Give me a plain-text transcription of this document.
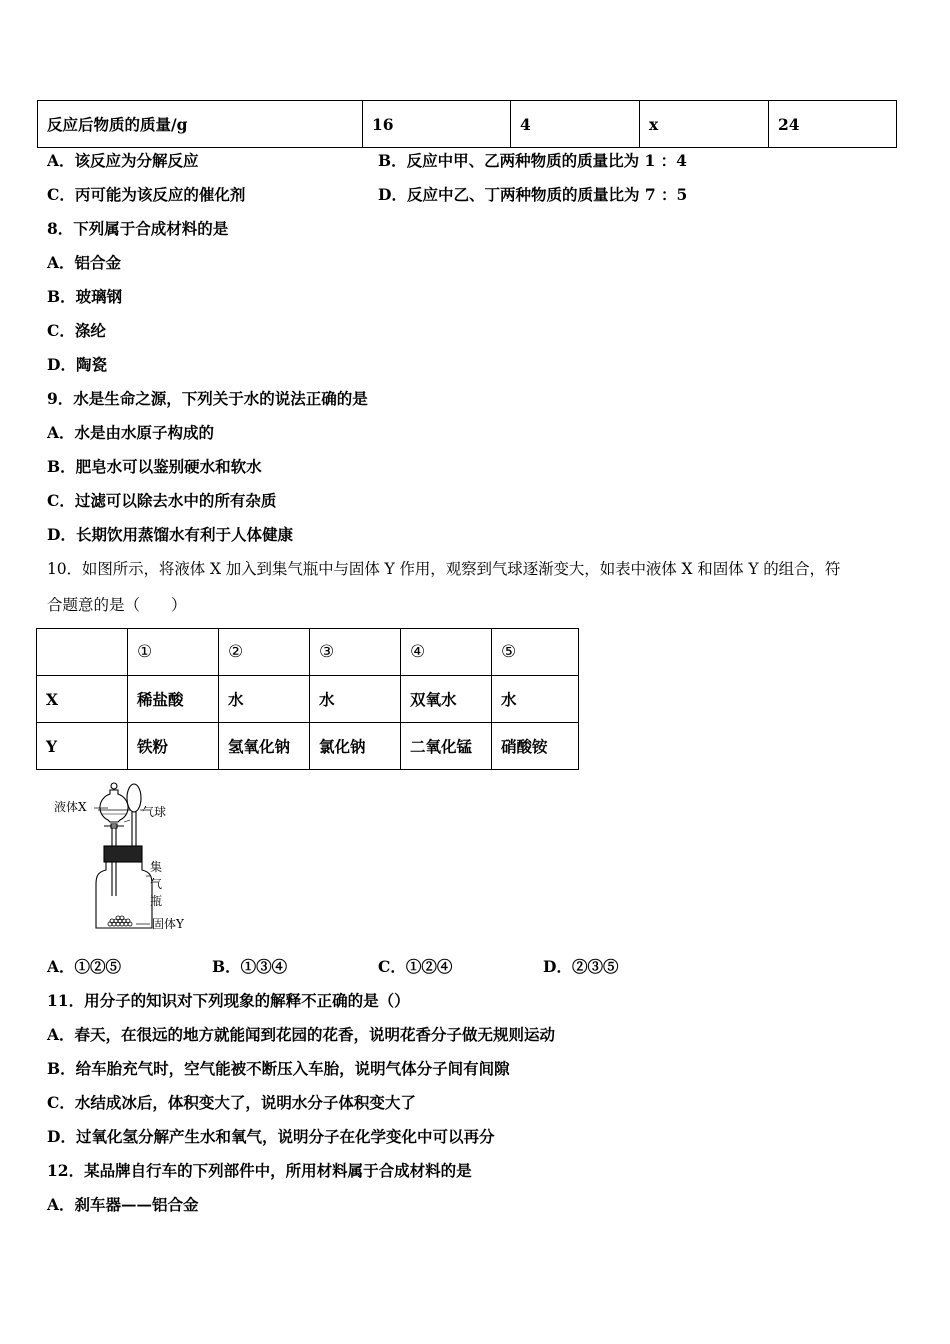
反应后物质的质量/g	16	4	x	24
A．该反应为分解反应	B．反应中甲、乙两种物质的质量比为 1 ：4
C．丙可能为该反应的催化剂	D．反应中乙、丁两种物质的质量比为 7 ：5
8．下列属于合成材料的是
A．铝合金
B．玻璃钢
C．涤纶
D．陶瓷
9．水是生命之源，下列关于水的说法正确的是
A．水是由水原子构成的
B．肥皂水可以鉴别硬水和软水
C．过滤可以除去水中的所有杂质
D．长期饮用蒸馏水有利于人体健康
10．如图所示，将液体 X 加入到集气瓶中与固体 Y 作用，观察到气球逐渐变大，如表中液体 X 和固体 Y 的组合，符
合题意的是（　　）
	①	②	③	④	⑤
X	稀盐酸	水	水	双氧水	水
Y	铁粉	氢氧化钠	氯化钠	二氧化锰	硝酸铵
液体X	气球
集
气
瓶
固体Y
A．①②⑤	B．①③④	C．①②④	D．②③⑤
11．用分子的知识对下列现象的解释不正确的是（）
A．春天，在很远的地方就能闻到花园的花香，说明花香分子做无规则运动
B．给车胎充气时，空气能被不断压入车胎，说明气体分子间有间隙
C．水结成冰后，体积变大了，说明水分子体积变大了
D．过氧化氢分解产生水和氧气，说明分子在化学变化中可以再分
12．某品牌自行车的下列部件中，所用材料属于合成材料的是
A．刹车器——铝合金
